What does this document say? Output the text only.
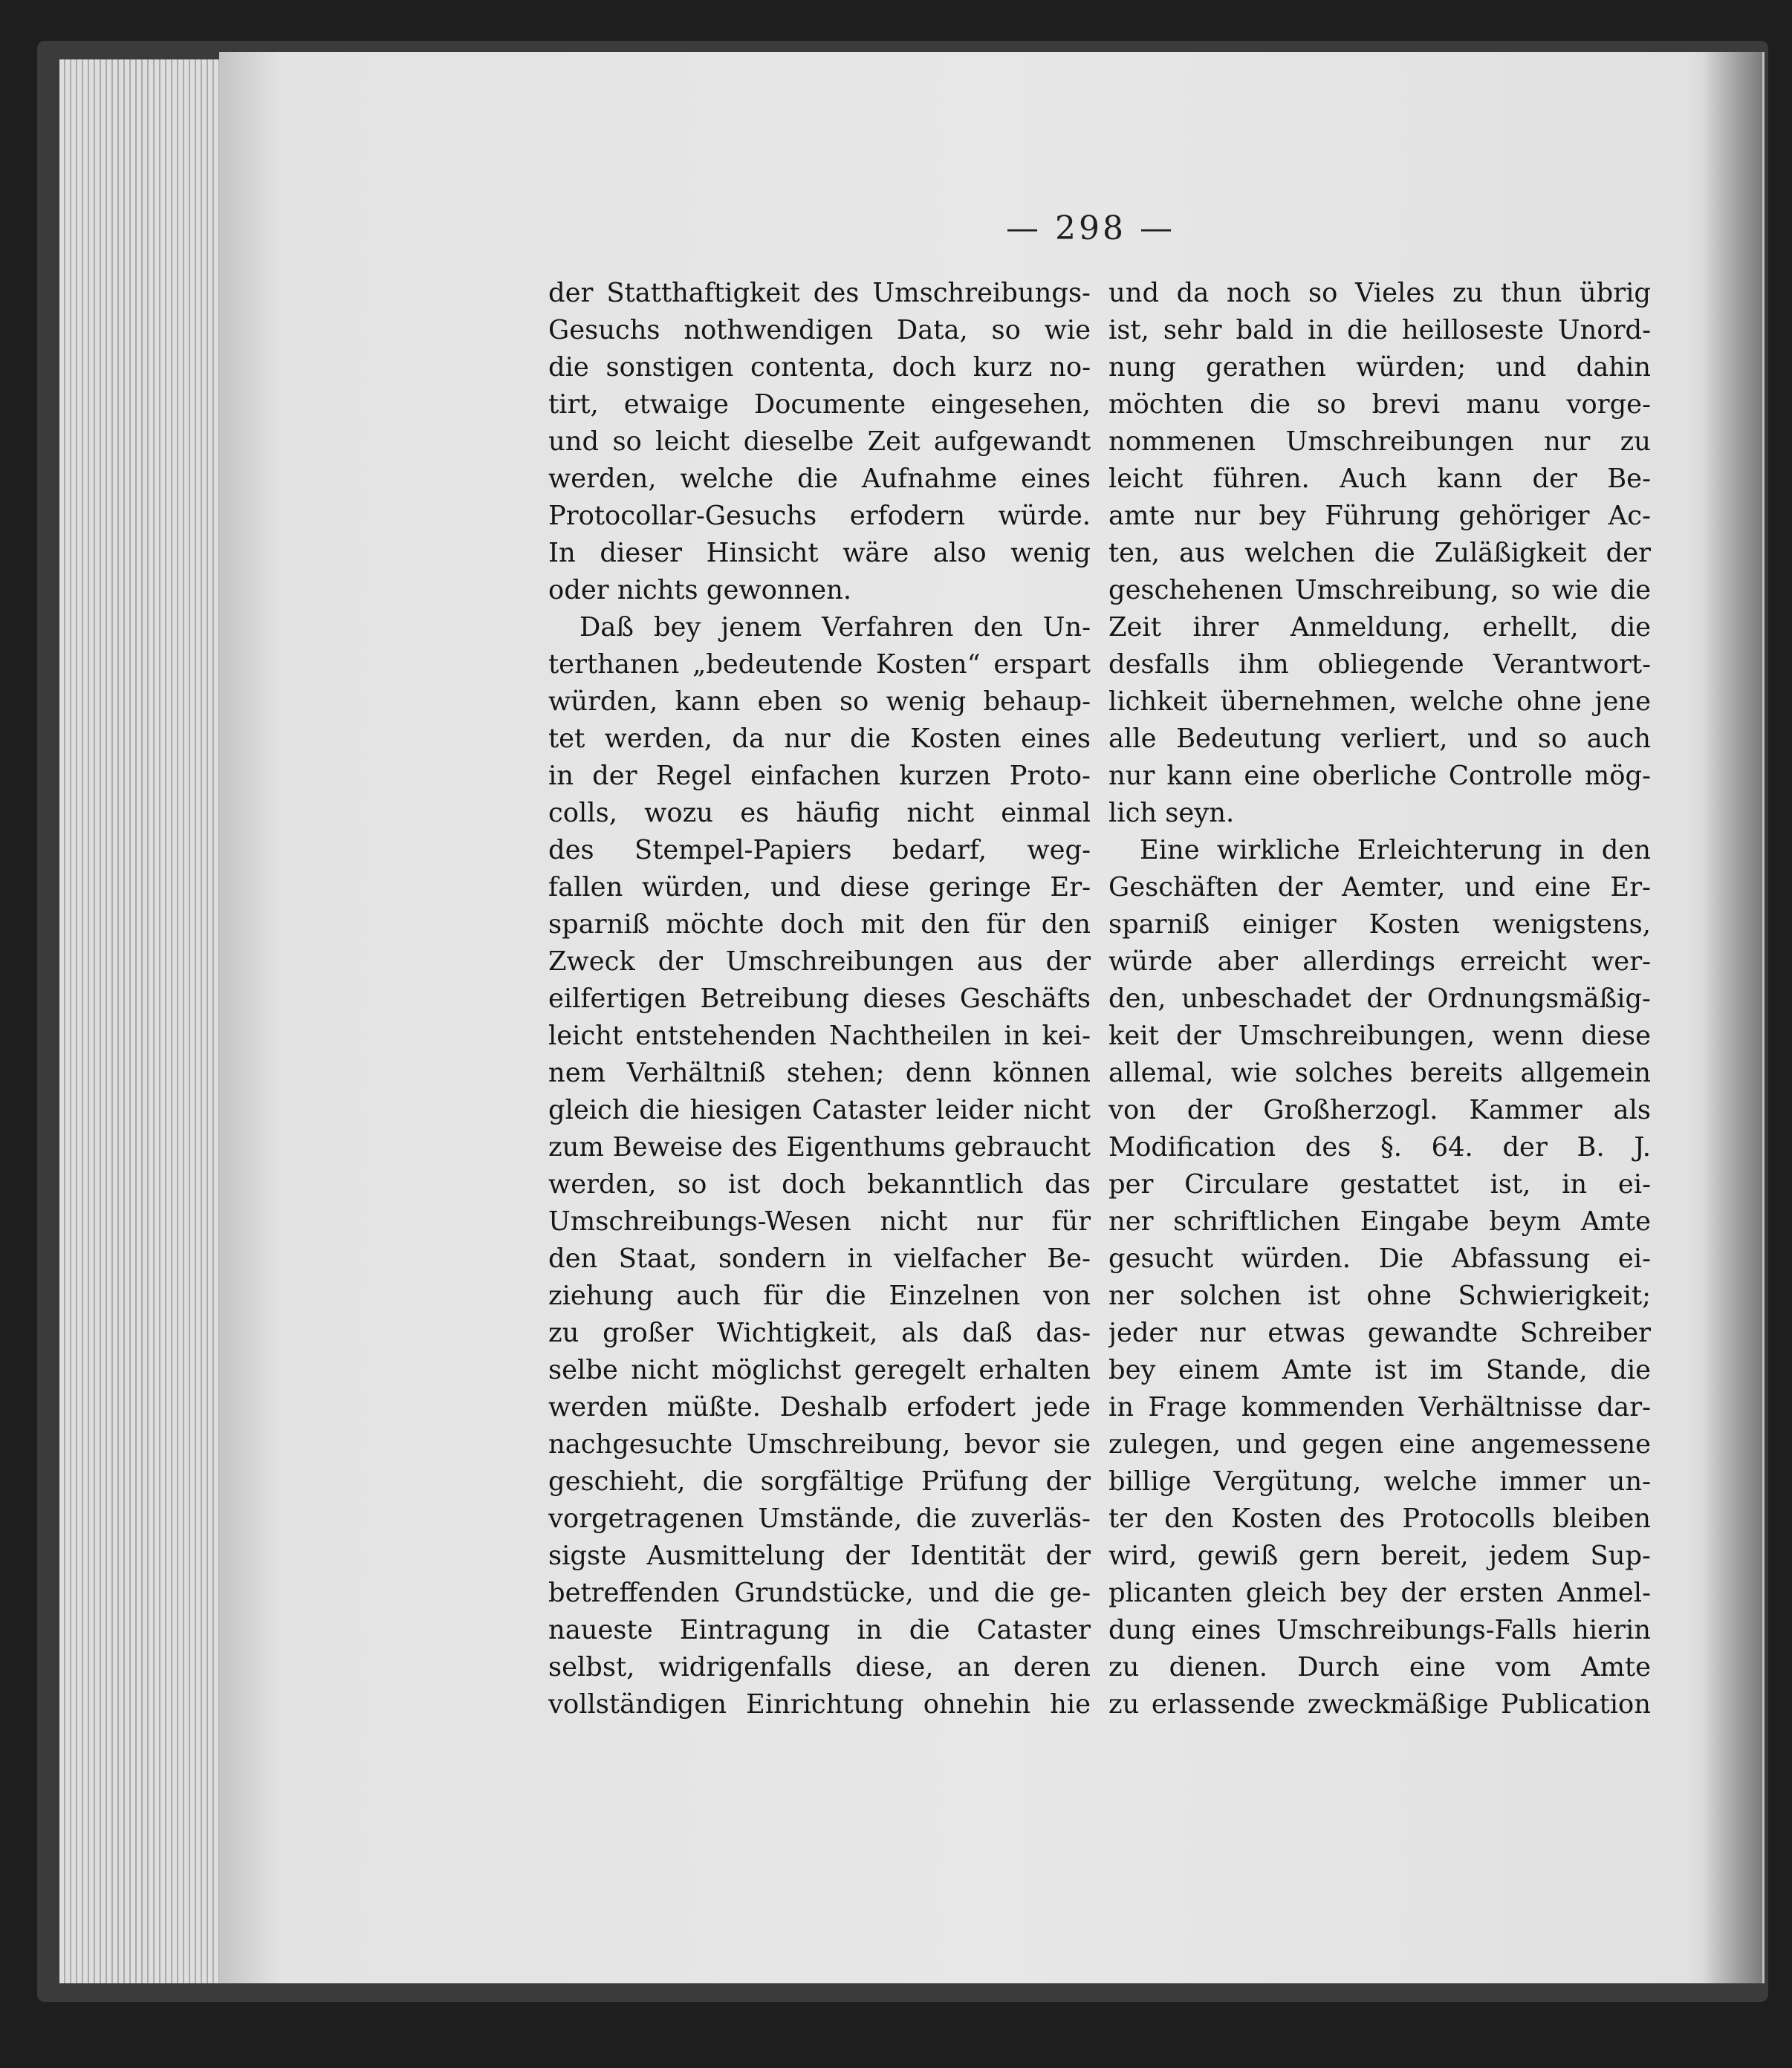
— 298 —

der Statthaftigkeit des Umschreibungs-
Gesuchs nothwendigen Data, so wie
die sonstigen contenta, doch kurz no-
tirt, etwaige Documente eingesehen,
und so leicht dieselbe Zeit aufgewandt
werden, welche die Aufnahme eines
Protocollar-Gesuchs erfodern würde.
In dieser Hinsicht wäre also wenig
oder nichts gewonnen.
Daß bey jenem Verfahren den Un-
terthanen „bedeutende Kosten“ erspart
würden, kann eben so wenig behaup-
tet werden, da nur die Kosten eines
in der Regel einfachen kurzen Proto-
colls, wozu es häufig nicht einmal
des Stempel-Papiers bedarf, weg-
fallen würden, und diese geringe Er-
sparniß möchte doch mit den für den
Zweck der Umschreibungen aus der
eilfertigen Betreibung dieses Geschäfts
leicht entstehenden Nachtheilen in kei-
nem Verhältniß stehen; denn können
gleich die hiesigen Cataster leider nicht
zum Beweise des Eigenthums gebraucht
werden, so ist doch bekanntlich das
Umschreibungs-Wesen nicht nur für
den Staat, sondern in vielfacher Be-
ziehung auch für die Einzelnen von
zu großer Wichtigkeit, als daß das-
selbe nicht möglichst geregelt erhalten
werden müßte. Deshalb erfodert jede
nachgesuchte Umschreibung, bevor sie
geschieht, die sorgfältige Prüfung der
vorgetragenen Umstände, die zuverläs-
sigste Ausmittelung der Identität der
betreffenden Grundstücke, und die ge-
naueste Eintragung in die Cataster
selbst, widrigenfalls diese, an deren
vollständigen Einrichtung ohnehin hie
und da noch so Vieles zu thun übrig
ist, sehr bald in die heilloseste Unord-
nung gerathen würden; und dahin
möchten die so brevi manu vorge-
nommenen Umschreibungen nur zu
leicht führen. Auch kann der Be-
amte nur bey Führung gehöriger Ac-
ten, aus welchen die Zuläßigkeit der
geschehenen Umschreibung, so wie die
Zeit ihrer Anmeldung, erhellt, die
desfalls ihm obliegende Verantwort-
lichkeit übernehmen, welche ohne jene
alle Bedeutung verliert, und so auch
nur kann eine oberliche Controlle mög-
lich seyn.
Eine wirkliche Erleichterung in den
Geschäften der Aemter, und eine Er-
sparniß einiger Kosten wenigstens,
würde aber allerdings erreicht wer-
den, unbeschadet der Ordnungsmäßig-
keit der Umschreibungen, wenn diese
allemal, wie solches bereits allgemein
von der Großherzogl. Kammer als
Modification des §. 64. der B. J.
per Circulare gestattet ist, in ei-
ner schriftlichen Eingabe beym Amte
gesucht würden. Die Abfassung ei-
ner solchen ist ohne Schwierigkeit;
jeder nur etwas gewandte Schreiber
bey einem Amte ist im Stande, die
in Frage kommenden Verhältnisse dar-
zulegen, und gegen eine angemessene
billige Vergütung, welche immer un-
ter den Kosten des Protocolls bleiben
wird, gewiß gern bereit, jedem Sup-
plicanten gleich bey der ersten Anmel-
dung eines Umschreibungs-Falls hierin
zu dienen. Durch eine vom Amte
zu erlassende zweckmäßige Publication
